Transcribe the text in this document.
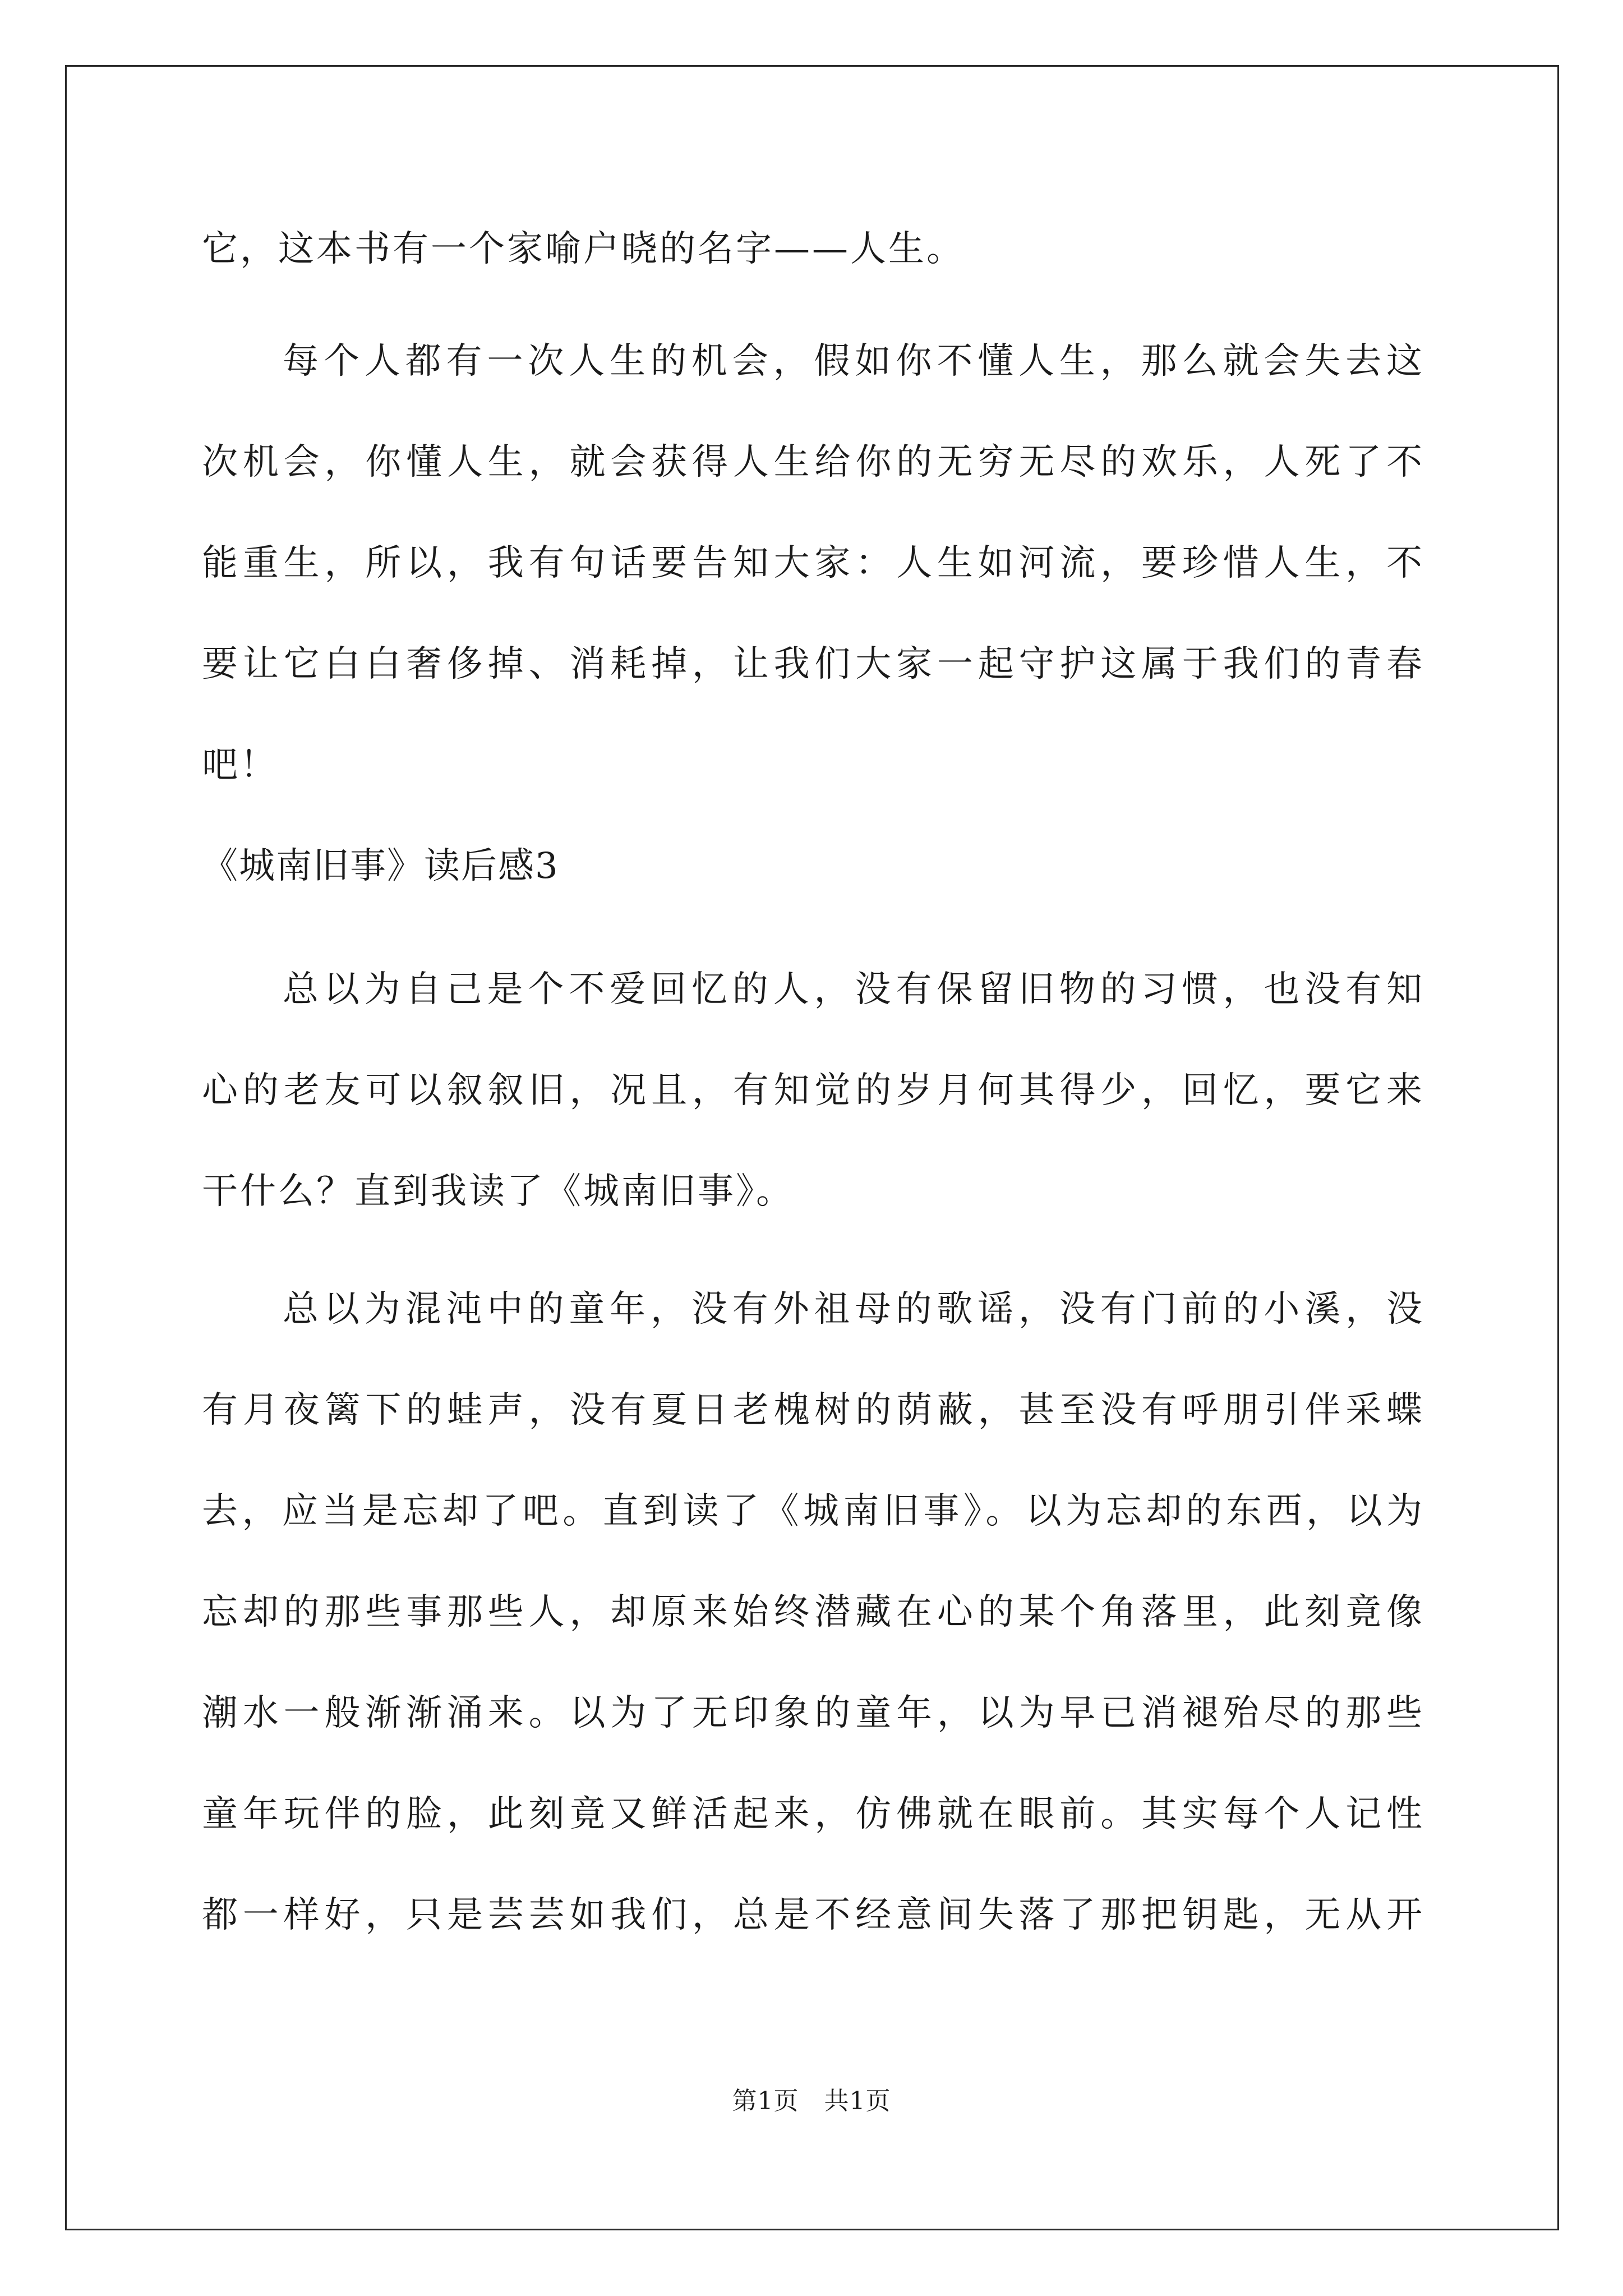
它，这本书有一个家喻户晓的名字——人生。
每个人都有一次人生的机会，假如你不懂人生，那么就会失去这
次机会，你懂人生，就会获得人生给你的无穷无尽的欢乐，人死了不
能重生，所以，我有句话要告知大家：人生如河流，要珍惜人生，不
要让它白白奢侈掉、消耗掉，让我们大家一起守护这属于我们的青春
吧！
《城南旧事》读后感3
总以为自己是个不爱回忆的人，没有保留旧物的习惯，也没有知
心的老友可以叙叙旧，况且，有知觉的岁月何其得少，回忆，要它来
干什么？直到我读了《城南旧事》。
总以为混沌中的童年，没有外祖母的歌谣，没有门前的小溪，没
有月夜篱下的蛙声，没有夏日老槐树的荫蔽，甚至没有呼朋引伴采蝶
去，应当是忘却了吧。直到读了《城南旧事》。以为忘却的东西，以为
忘却的那些事那些人，却原来始终潜藏在心的某个角落里，此刻竟像
潮水一般渐渐涌来。以为了无印象的童年，以为早已消褪殆尽的那些
童年玩伴的脸，此刻竟又鲜活起来，仿佛就在眼前。其实每个人记性
都一样好，只是芸芸如我们，总是不经意间失落了那把钥匙，无从开
第1页　共1页
